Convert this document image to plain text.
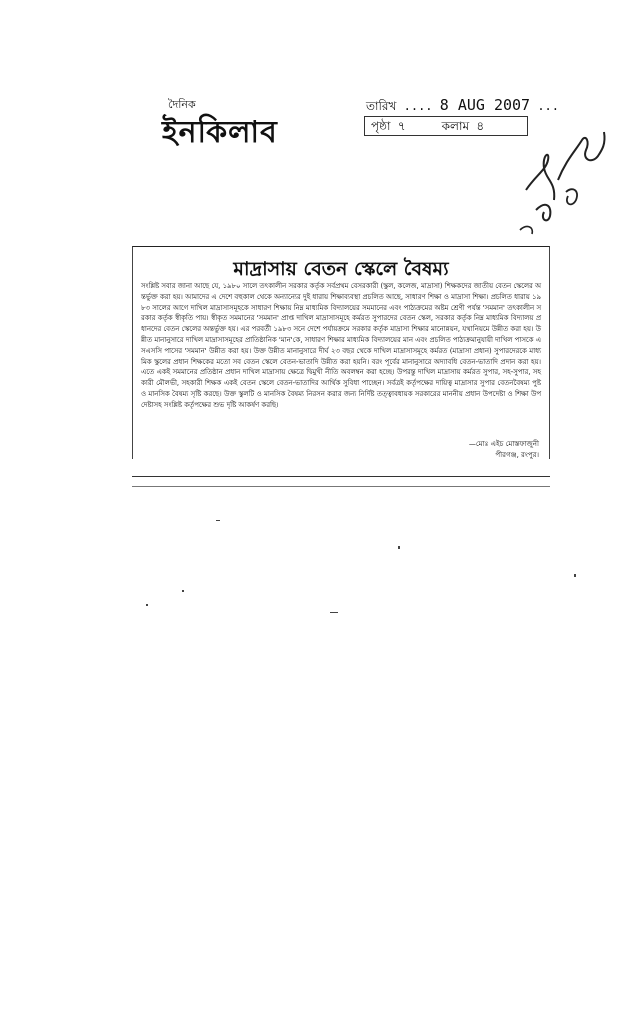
দৈনিক
ইনকিলাব
তারিখ .... 8 AUG 2007 ...
পৃষ্ঠা ৭	কলাম ৪
মাদ্রাসায় বেতন স্কেলে বৈষম্য
সংশ্লিষ্ট সবার জানা আছে যে, ১৯৮০ সালে তৎকালীন সরকার কর্তৃক সর্বপ্রথম বেসরকারী (স্কুল, কলেজ, মাদ্রাসা) শিক্ষকদের জাতীয় বেতন স্কেলের অন্তর্ভুক্ত করা হয়। আমাদের এ দেশে বহুকাল থেকে অন্যান্যের দুই ধারায় শিক্ষাব্যবস্থা প্রচলিত আছে, সাধারণ শিক্ষা ও মাদ্রাসা শিক্ষা। প্রচলিত ধারায় ১৯৮৩ সালের আগে দাখিল মাদ্রাসাসমূহকে সাধারণ শিক্ষায় নিম্ন মাধ্যমিক বিদ্যালয়ের সমমানের এবং পাঠ্যক্রমের অষ্টম শ্রেণী পর্যন্ত 'সমমান' তৎকালীন সরকার কর্তৃক স্বীকৃতি পায়। স্বীকৃত সমমানের 'সমমান' প্রাপ্ত দাখিল মাদ্রাসাসমূহে কর্মরত সুপারদের বেতন স্কেল, সরকার কর্তৃক নিম্ন মাধ্যমিক বিদ্যালয় প্রধানদের বেতন স্কেলের অন্তর্ভুক্ত হয়। এর পরবর্তী ১৯৮৩ সনে দেশে পর্যায়ক্রমে সরকার কর্তৃক মাদ্রাসা শিক্ষার মানোন্নয়ন, যথানিয়মে উন্নীত করা হয়। উন্নীত মানানুসারে দাখিল মাদ্রাসাসমূহের প্রাতিষ্ঠানিক 'মান'কে, সাধারণ শিক্ষার মাধ্যমিক বিদ্যালয়ের মান এবং প্রচলিত পাঠ্যক্রমানুযায়ী দাখিল পাসকে এসএসসি পাসের 'সমমান' উন্নীত করা হয়। উক্ত উন্নীত মানানুসারে দীর্ঘ ২৩ বছর থেকে দাখিল মাদ্রাসাসমূহে কর্মরত (মাদ্রাসা প্রধান) সুপারদেরকে মাধ্যমিক স্কুলের প্রধান শিক্ষকের মতো সব বেতন স্কেলে বেতন-ভাতাদি উন্নীত করা হয়নি। বরং পূর্বের মানানুসারে অদ্যাবধি বেতন-ভাতাদি প্রদান করা হয়। এতে একই সমমানের প্রতিষ্ঠান প্রধান দাখিল মাদ্রাসায় ক্ষেত্রে দ্বিমুখী নীতি অবলম্বন করা হচ্ছে। উপরন্তু দাখিল মাদ্রাসায় কর্মরত সুপার, সহ-সুপার, সহকারী মৌলভী, সহকারী শিক্ষক একই বেতন স্কেলে বেতন-ভাতাদির আর্থিক সুবিধা পাচ্ছেন। সর্বত্রই কর্তৃপক্ষের দায়িত্ব মাদ্রাসার সুপার বেতনবৈষম্য পুষ্ট ও মানসিক বৈষম্য সৃষ্টি করছে। উক্ত স্কুলটি ও মানসিক বৈষম্য নিরসন করার জন্য নির্দিষ্ট তত্ত্বাবধায়ক সরকারের মাননীয় প্রধান উপদেষ্টা ও শিক্ষা উপদেষ্টাসহ সংশ্লিষ্ট কর্তৃপক্ষের শুভ দৃষ্টি আকর্ষণ করছি।
—মোঃ এইচ মোস্তফাজুনী
পীরগঞ্জ, রংপুর।
